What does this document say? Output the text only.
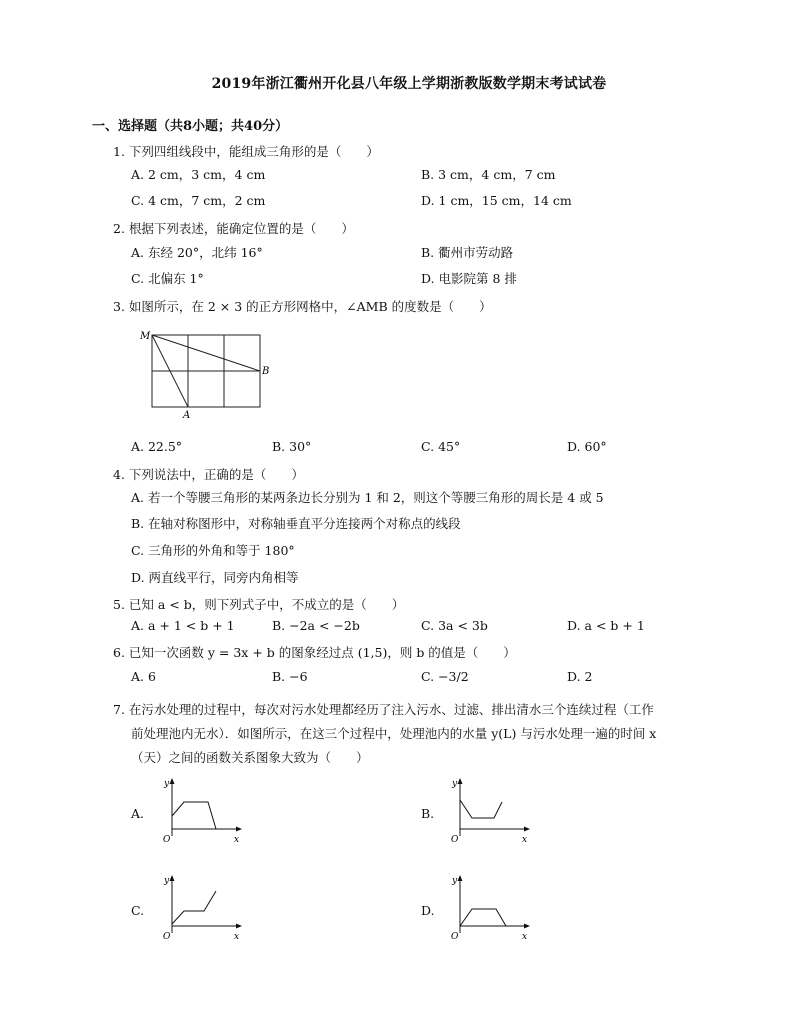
2019年浙江衢州开化县八年级上学期浙教版数学期末考试试卷
一、选择题（共8小题；共40分）
1. 下列四组线段中，能组成三角形的是（　　）
A. 2 cm，3 cm，4 cm	B. 3 cm，4 cm，7 cm
C. 4 cm，7 cm，2 cm	D. 1 cm，15 cm，14 cm
2. 根据下列表述，能确定位置的是（　　）
A. 东经 20°，北纬 16°	B. 衢州市劳动路
C. 北偏东 1°	D. 电影院第 8 排
3. 如图所示，在 2 × 3 的正方形网格中，∠AMB 的度数是（　　）
M
B
A
A. 22.5°	B. 30°	C. 45°	D. 60°
4. 下列说法中，正确的是（　　）
A. 若一个等腰三角形的某两条边长分别为 1 和 2，则这个等腰三角形的周长是 4 或 5
B. 在轴对称图形中，对称轴垂直平分连接两个对称点的线段
C. 三角形的外角和等于 180°
D. 两直线平行，同旁内角相等
5. 已知 a < b，则下列式子中，不成立的是（　　）
A. a + 1 < b + 1	B. −2a < −2b	C. 3a < 3b	D. a < b + 1
6. 已知一次函数 y = 3x + b 的图象经过点 (1,5)，则 b 的值是（　　）
A. 6	B. −6	C. −3/2	D. 2
7. 在污水处理的过程中，每次对污水处理都经历了注入污水、过滤、排出清水三个连续过程（工作
前处理池内无水）．如图所示，在这三个过程中，处理池内的水量 y(L) 与污水处理一遍的时间 x
（天）之间的函数关系图象大致为（　　）
A.
y
x
O
B.
y
x
O
C.
y
x
O
D.
y
x
O
